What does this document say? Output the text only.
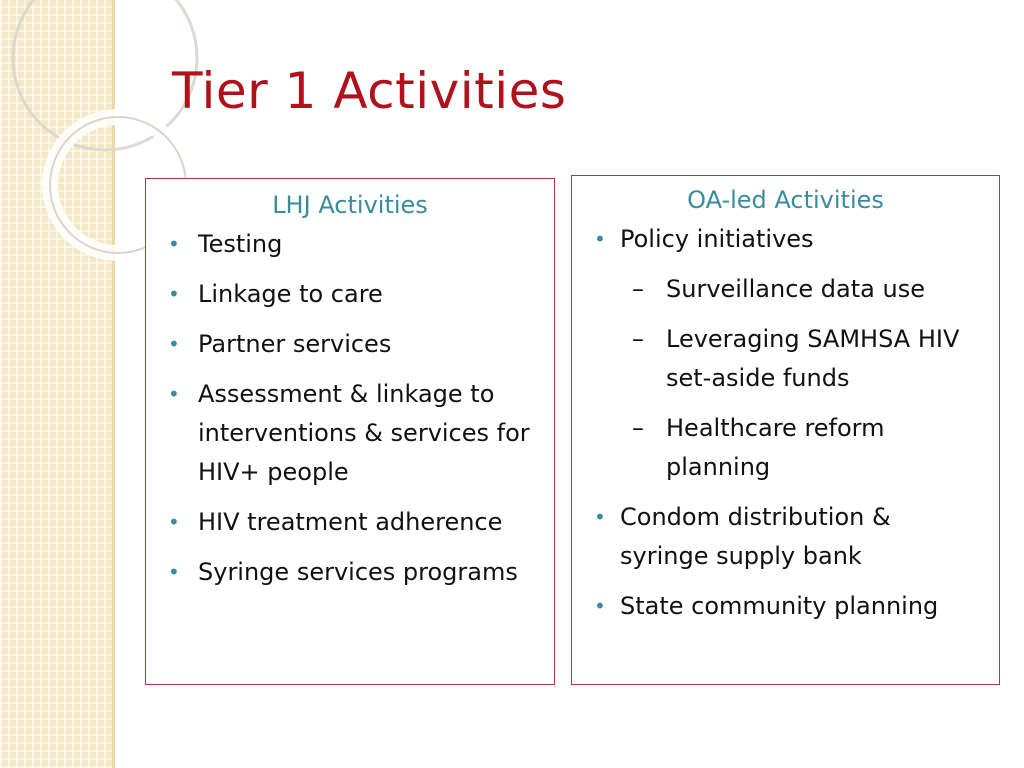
Tier 1 Activities
LHJ Activities
• Testing
• Linkage to care
• Partner services
• Assessment & linkage to interventions & services for HIV+ people
• HIV treatment adherence
• Syringe services programs
OA-led Activities
• Policy initiatives
– Surveillance data use
– Leveraging SAMHSA HIV set-aside funds
– Healthcare reform planning
• Condom distribution & syringe supply bank
• State community planning
